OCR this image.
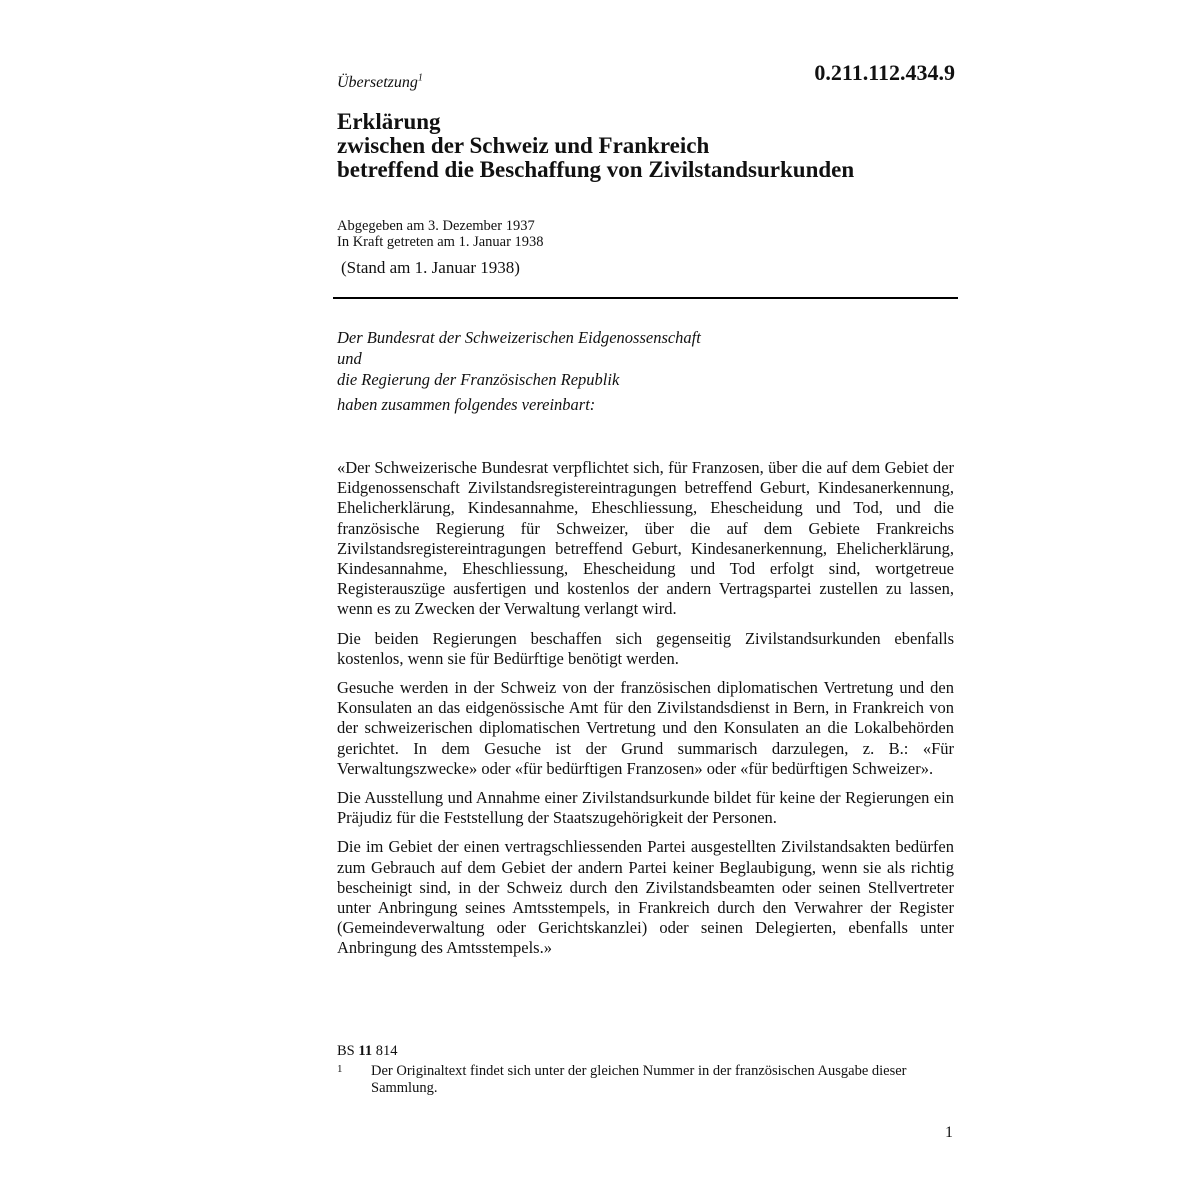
Übersetzung$^1$	0.211.112.434.9
Erklärung
zwischen der Schweiz und Frankreich
betreffend die Beschaffung von Zivilstandsurkunden
Abgegeben am 3. Dezember 1937
In Kraft getreten am 1. Januar 1938
(Stand am 1. Januar 1938)
Der Bundesrat der Schweizerischen Eidgenossenschaft
und
die Regierung der Französischen Republik
haben zusammen folgendes vereinbart:

«Der Schweizerische Bundesrat verpflichtet sich, für Franzosen, über die auf dem Gebiet der Eidgenossenschaft Zivilstandsregistereintragungen betreffend Geburt, Kindesanerkennung, Ehelicherklärung, Kindesannahme, Eheschliessung, Ehescheidung und Tod, und die französische Regierung für Schweizer, über die auf dem Gebiete Frankreichs Zivilstandsregistereintragungen betreffend Geburt, Kindesanerkennung, Ehelicherklärung, Kindesannahme, Eheschliessung, Ehescheidung und Tod erfolgt sind, wortgetreue Registerauszüge ausfertigen und kostenlos der andern Vertragspartei zustellen zu lassen, wenn es zu Zwecken der Verwaltung verlangt wird.

Die beiden Regierungen beschaffen sich gegenseitig Zivilstandsurkunden ebenfalls kostenlos, wenn sie für Bedürftige benötigt werden.

Gesuche werden in der Schweiz von der französischen diplomatischen Vertretung und den Konsulaten an das eidgenössische Amt für den Zivilstandsdienst in Bern, in Frankreich von der schweizerischen diplomatischen Vertretung und den Konsulaten an die Lokalbehörden gerichtet. In dem Gesuche ist der Grund summarisch darzulegen, z. B.: «Für Verwaltungszwecke» oder «für bedürftigen Franzosen» oder «für bedürftigen Schweizer».

Die Ausstellung und Annahme einer Zivilstandsurkunde bildet für keine der Regierungen ein Präjudiz für die Feststellung der Staatszugehörigkeit der Personen.

Die im Gebiet der einen vertragschliessenden Partei ausgestellten Zivilstandsakten bedürfen zum Gebrauch auf dem Gebiet der andern Partei keiner Beglaubigung, wenn sie als richtig bescheinigt sind, in der Schweiz durch den Zivilstandsbeamten oder seinen Stellvertreter unter Anbringung seines Amtsstempels, in Frankreich durch den Verwahrer der Register (Gemeindeverwaltung oder Gerichtskanzlei) oder seinen Delegierten, ebenfalls unter Anbringung des Amtsstempels.»

BS 11 814
1 Der Originaltext findet sich unter der gleichen Nummer in der französischen Ausgabe dieser Sammlung.
1
